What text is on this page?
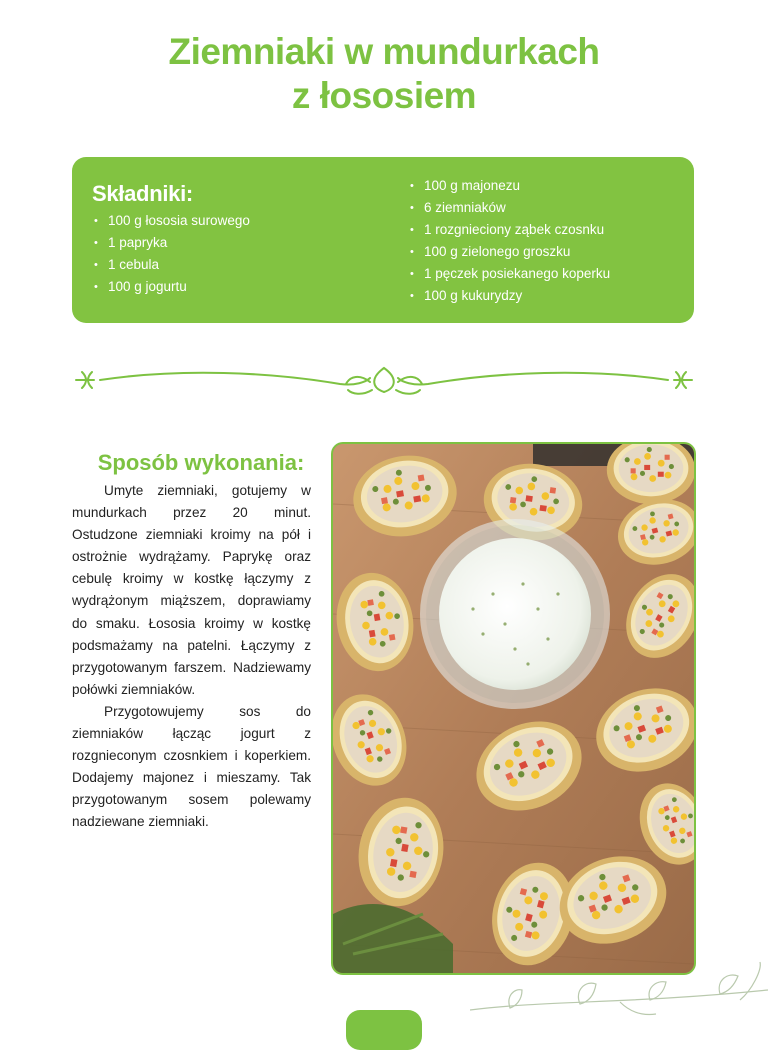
Ziemniaki w mundurkach
z łososiem
Składniki:
• 100 g łososia surowego
• 1 papryka
• 1 cebula
• 100 g jogurtu
• 100 g majonezu
• 6 ziemniaków
• 1 rozgnieciony ząbek czosnku
• 100 g zielonego groszku
• 1 pęczek posiekanego koperku
• 100 g kukurydzy
Sposób wykonania:

Umyte ziemniaki, gotujemy w mundurkach przez 20 minut. Ostudzone ziemniaki kroimy na pół i ostrożnie wydrążamy. Paprykę oraz cebulę kroimy w kostkę łączymy z wydrążonym miąższem, doprawiamy do smaku. Łososia kroimy w kostkę podsmażamy na patelni. Łączymy z przygotowanym farszem. Nadziewamy połówki ziemniaków.

Przygotowujemy sos do ziemniaków łącząc jogurt z rozgnieconym czosnkiem i koperkiem. Dodajemy majonez i mieszamy. Tak przygotowanym sosem polewamy nadziewane ziemniaki.
